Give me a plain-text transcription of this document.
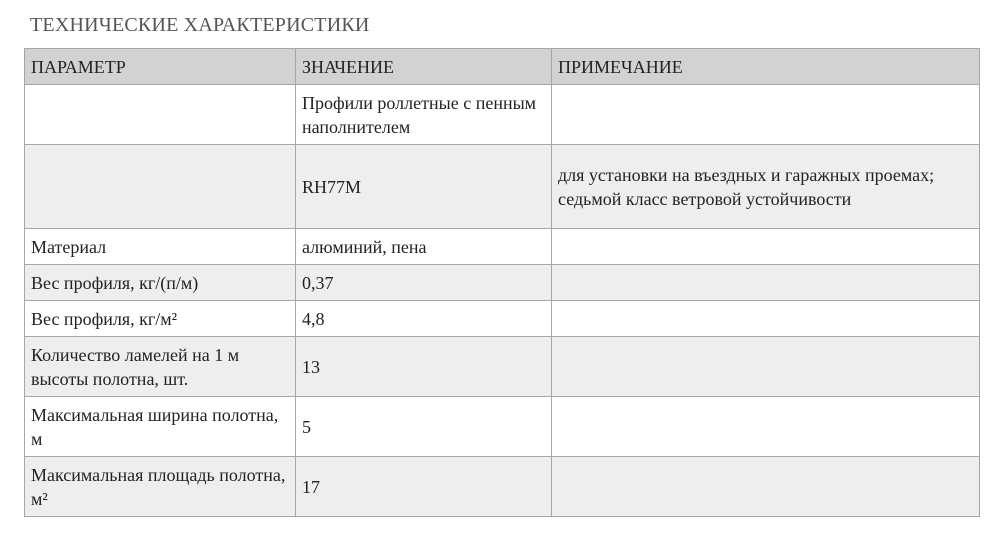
ТЕХНИЧЕСКИЕ ХАРАКТЕРИСТИКИ
ПАРАМЕТР	ЗНАЧЕНИЕ	ПРИМЕЧАНИЕ
	Профили роллетные с пенным наполнителем	
	RH77M	для установки на въездных и гаражных проемах; седьмой класс ветровой устойчивости
Материал	алюминий, пена	
Вес профиля, кг/(п/м)	0,37	
Вес профиля, кг/м²	4,8	
Количество ламелей на 1 м высоты полотна, шт.	13	
Максимальная ширина полотна, м	5	
Максимальная площадь полотна, м²	17	
